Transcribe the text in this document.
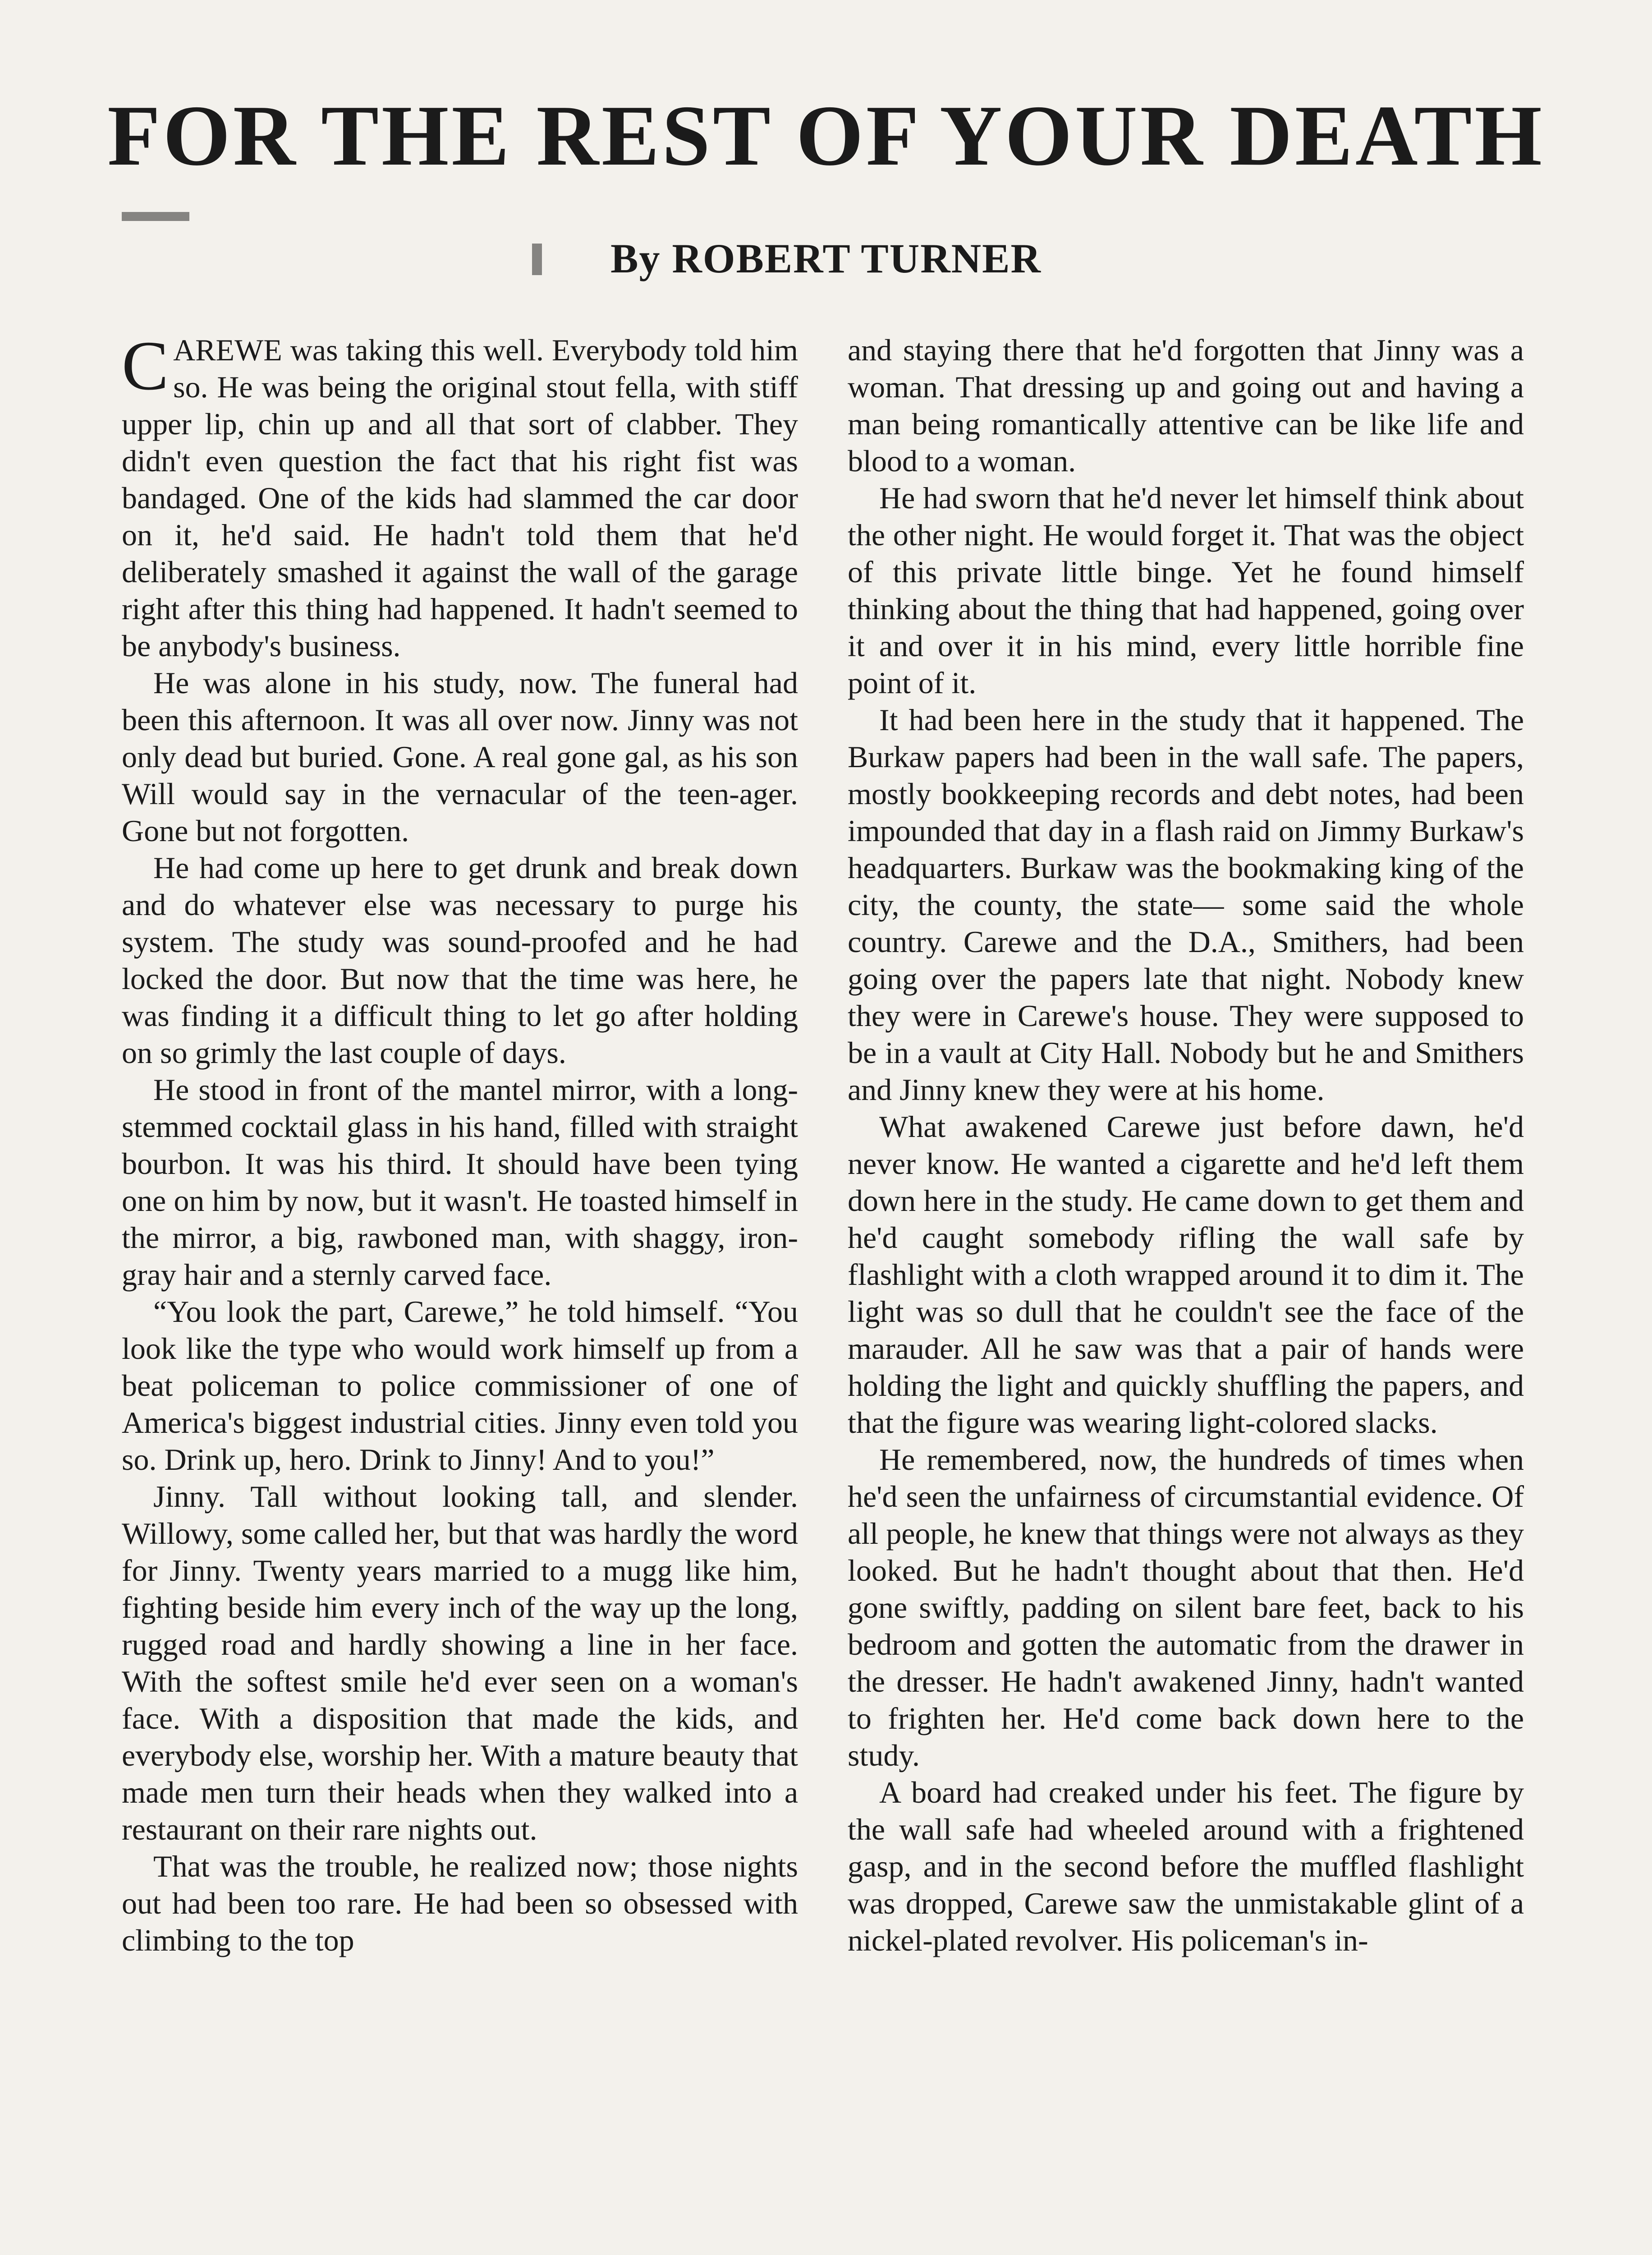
FOR THE REST OF YOUR DEATH
By ROBERT TURNER

CAREWE was taking this well. Everybody told him so. He was being the original stout fella, with stiff upper lip, chin up and all that sort of clabber. They didn't even question the fact that his right fist was bandaged. One of the kids had slammed the car door on it, he'd said. He hadn't told them that he'd deliberately smashed it against the wall of the garage right after this thing had happened. It hadn't seemed to be anybody's business.

He was alone in his study, now. The funeral had been this afternoon. It was all over now. Jinny was not only dead but buried. Gone. A real gone gal, as his son Will would say in the vernacular of the teen-ager. Gone but not forgotten.

He had come up here to get drunk and break down and do whatever else was necessary to purge his system. The study was sound-proofed and he had locked the door. But now that the time was here, he was finding it a difficult thing to let go after holding on so grimly the last couple of days.

He stood in front of the mantel mirror, with a long-stemmed cocktail glass in his hand, filled with straight bourbon. It was his third. It should have been tying one on him by now, but it wasn't. He toasted himself in the mirror, a big, rawboned man, with shaggy, iron-gray hair and a sternly carved face.

“You look the part, Carewe,” he told himself. “You look like the type who would work himself up from a beat policeman to police commissioner of one of America's biggest industrial cities. Jinny even told you so. Drink up, hero. Drink to Jinny! And to you!”

Jinny. Tall without looking tall, and slender. Willowy, some called her, but that was hardly the word for Jinny. Twenty years married to a mugg like him, fighting beside him every inch of the way up the long, rugged road and hardly showing a line in her face. With the softest smile he'd ever seen on a woman's face. With a disposition that made the kids, and everybody else, worship her. With a mature beauty that made men turn their heads when they walked into a restaurant on their rare nights out.

That was the trouble, he realized now; those nights out had been too rare. He had been so obsessed with climbing to the top

and staying there that he'd forgotten that Jinny was a woman. That dressing up and going out and having a man being romantically attentive can be like life and blood to a woman.

He had sworn that he'd never let himself think about the other night. He would forget it. That was the object of this private little binge. Yet he found himself thinking about the thing that had happened, going over it and over it in his mind, every little horrible fine point of it.

It had been here in the study that it happened. The Burkaw papers had been in the wall safe. The papers, mostly bookkeeping records and debt notes, had been impounded that day in a flash raid on Jimmy Burkaw's headquarters. Burkaw was the bookmaking king of the city, the county, the state— some said the whole country. Carewe and the D.A., Smithers, had been going over the papers late that night. Nobody knew they were in Carewe's house. They were supposed to be in a vault at City Hall. Nobody but he and Smithers and Jinny knew they were at his home.

What awakened Carewe just before dawn, he'd never know. He wanted a cigarette and he'd left them down here in the study. He came down to get them and he'd caught somebody rifling the wall safe by flashlight with a cloth wrapped around it to dim it. The light was so dull that he couldn't see the face of the marauder. All he saw was that a pair of hands were holding the light and quickly shuffling the papers, and that the figure was wearing light-colored slacks.

He remembered, now, the hundreds of times when he'd seen the unfairness of circumstantial evidence. Of all people, he knew that things were not always as they looked. But he hadn't thought about that then. He'd gone swiftly, padding on silent bare feet, back to his bedroom and gotten the automatic from the drawer in the dresser. He hadn't awakened Jinny, hadn't wanted to frighten her. He'd come back down here to the study.

A board had creaked under his feet. The figure by the wall safe had wheeled around with a frightened gasp, and in the second before the muffled flashlight was dropped, Carewe saw the unmistakable glint of a nickel-plated revolver. His policeman's in-
